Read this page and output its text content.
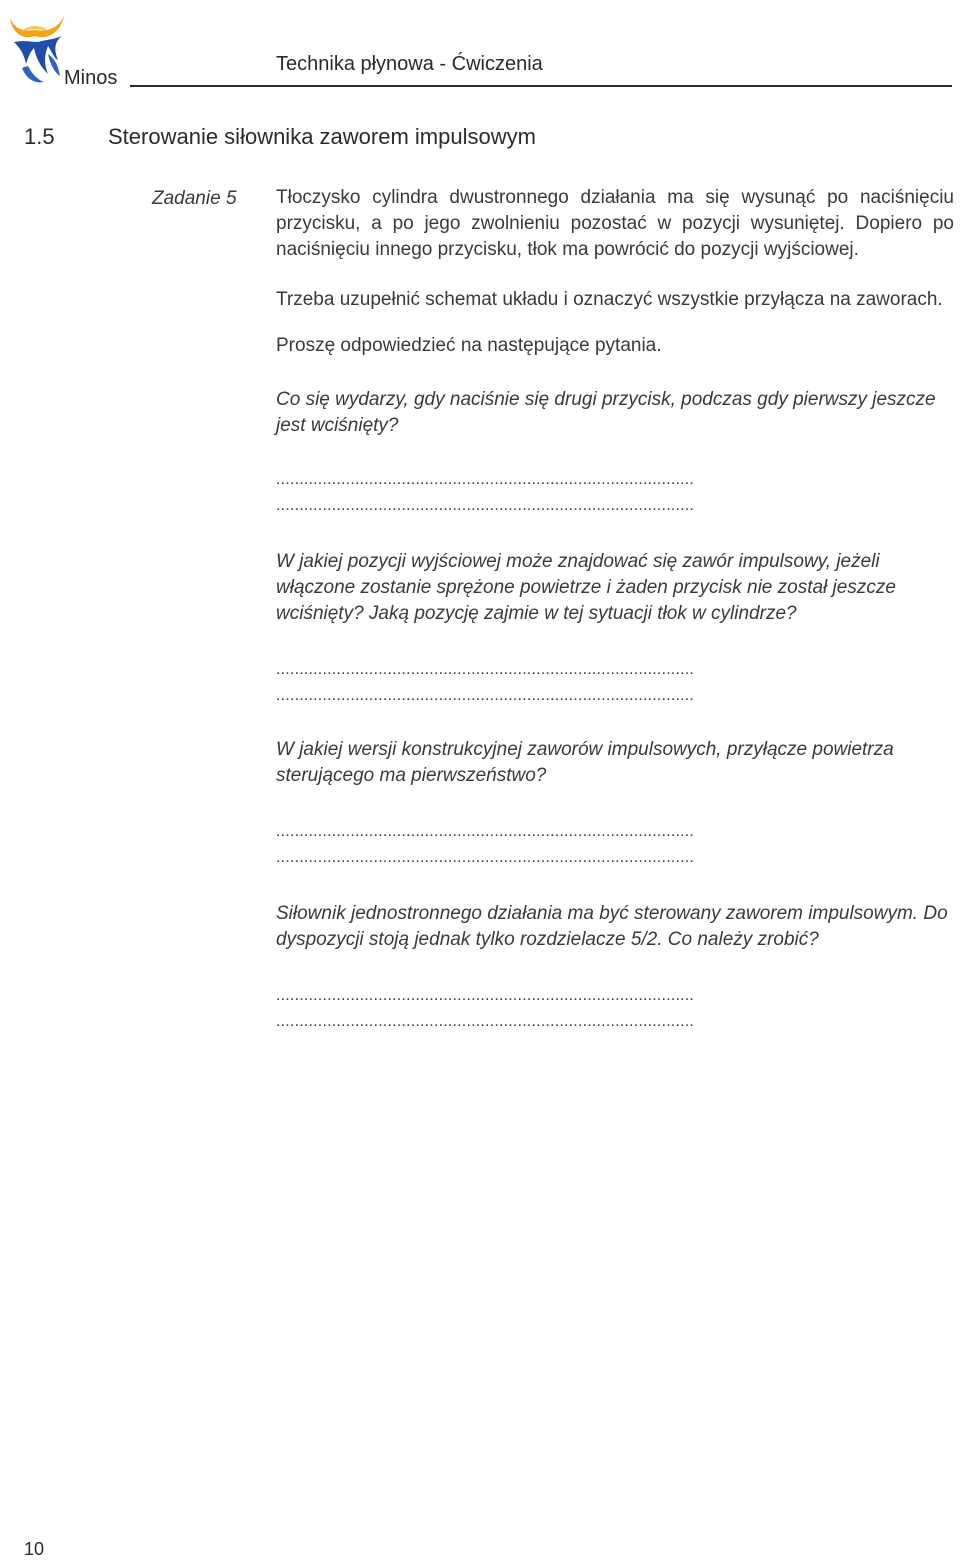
Minos
Technika płynowa - Ćwiczenia
1.5 Sterowanie siłownika zaworem impulsowym
Zadanie 5 Tłoczysko cylindra dwustronnego działania ma się wysunąć po naciśnięciu przycisku, a po jego zwolnieniu pozostać w pozycji wysuniętej. Dopiero po naciśnięciu innego przycisku, tłok ma powrócić do pozycji wyjściowej.

Trzeba uzupełnić schemat układu i oznaczyć wszystkie przyłącza na zaworach.

Proszę odpowiedzieć na następujące pytania.

Co się wydarzy, gdy naciśnie się drugi przycisk, podczas gdy pierwszy jeszcze jest wciśnięty?

..........................................................................................
..........................................................................................

W jakiej pozycji wyjściowej może znajdować się zawór impulsowy, jeżeli włączone zostanie sprężone powietrze i żaden przycisk nie został jeszcze wciśnięty? Jaką pozycję zajmie w tej sytuacji tłok w cylindrze?

..........................................................................................
..........................................................................................

W jakiej wersji konstrukcyjnej zaworów impulsowych, przyłącze powietrza sterującego ma pierwszeństwo?

..........................................................................................
..........................................................................................

Siłownik jednostronnego działania ma być sterowany zaworem impulsowym. Do dyspozycji stoją jednak tylko rozdzielacze 5/2. Co należy zrobić?

..........................................................................................
..........................................................................................
10
